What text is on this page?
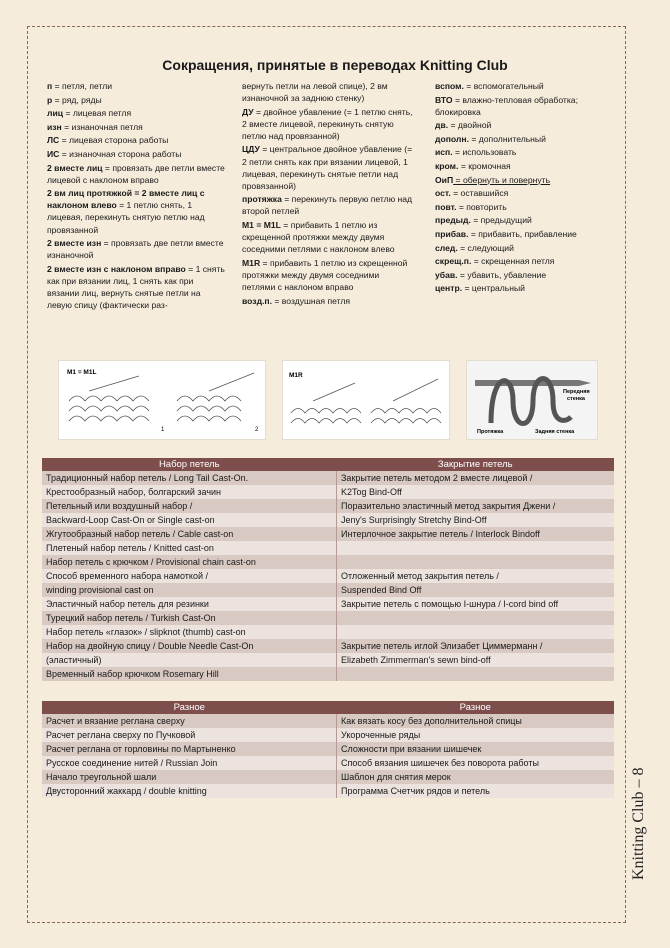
Сокращения, принятые в переводах Knitting Club

п = петля, петли

р = ряд, ряды

лиц = лицевая петля

изн = изнаночная петля

ЛС = лицевая сторона работы

ИС = изнаночная сторона работы

2 вместе лиц = провязать две петли вместе лицевой с наклоном вправо

2 вм лиц протяжкой = 2 вместе лиц с наклоном влево = 1 петлю снять, 1 лицевая, перекинуть снятую петлю над провязанной

2 вместе изн = провязать две петли вместе изнаночной

2 вместе изн с наклоном вправо = 1 снять как при вязании лиц, 1 снять как при вязании лиц, вернуть снятые петли на левую спицу (фактически раз-

вернуть петли на левой спице), 2 вм изнаночной за заднюю стенку)

ДУ = двойное убавление (= 1 петлю снять, 2 вместе лицевой, перекинуть снятую петлю над провязанной)

ЦДУ = центральное двойное убавление (= 2 петли снять как при вязании лицевой, 1 лицевая, перекинуть снятые петли над провязанной)

протяжка = перекинуть первую петлю над второй петлей

M1 = M1L = прибавить 1 петлю из скрещенной протяжки между двумя соседними петлями с наклоном влево

M1R = прибавить 1 петлю из скрещенной протяжки между двумя соседними петлями с наклоном вправо

возд.п. = воздушная петля

вспом. = вспомогательный

ВТО = влажно-тепловая обработка; блокировка

дв. = двойной

дополн. = дополнительный

исп. = использовать

кром. = кромочная

ОиП = обернуть и повернуть

ост. = оставшийся

повт. = повторить

предыд. = предыдущий

прибав. = прибавить, прибавление

след. = следующий

скрещ.п. = скрещенная петля

убав. = убавить, убавление

центр. = центральный

M1 = M1L
1	2
M1R
Передняя
стенка
Протяжка	Задняя стенка
Набор петель	Закрытие петель
Традиционный набор петель / Long Tail Cast-On.	Закрытие петель методом 2 вместе лицевой /
Крестообразный набор, болгарский зачин	K2Tog Bind-Off
Петельный или воздушный набор /	Поразительно эластичный метод закрытия Джени /
Backward-Loop Cast-On or Single cast-on	Jeny's Surprisingly Stretchy Bind-Off
Жгутообразный набор петель / Cable cast-on	Интерлочное закрытие петель / Interlock Bindoff
Плетеный набор петель / Knitted cast-on	
Набор петель с крючком / Provisional chain cast-on	
Способ временного набора намоткой /	Отложенный метод закрытия петель /
winding provisional cast on	Suspended Bind Off
Эластичный набор петель для резинки	Закрытие петель с помощью I-шнура / I-cord bind off
Турецкий набор петель / Turkish Cast-On	
Набор петель «глазок» / slipknot (thumb) cast-on	
Набор на двойную спицу / Double Needle Cast-On	Закрытие петель иглой Элизабет Циммерманн /
(эластичный)	Elizabeth Zimmerman's sewn bind-off
Временный набор крючком Rosemary Hill	
Разное	Разное
Расчет и вязание реглана сверху	Как вязать косу без дополнительной спицы
Расчет реглана сверху по Пучковой	Укороченные ряды
Расчет реглана от горловины по Мартыненко	Сложности при вязании шишечек
Русское соединение нитей / Russian Join	Способ вязания шишечек без поворота работы
Начало треугольной шали	Шаблон для снятия мерок
Двусторонний жаккард / double knitting	Программа Счетчик рядов и петель	Knitting Club – 8
